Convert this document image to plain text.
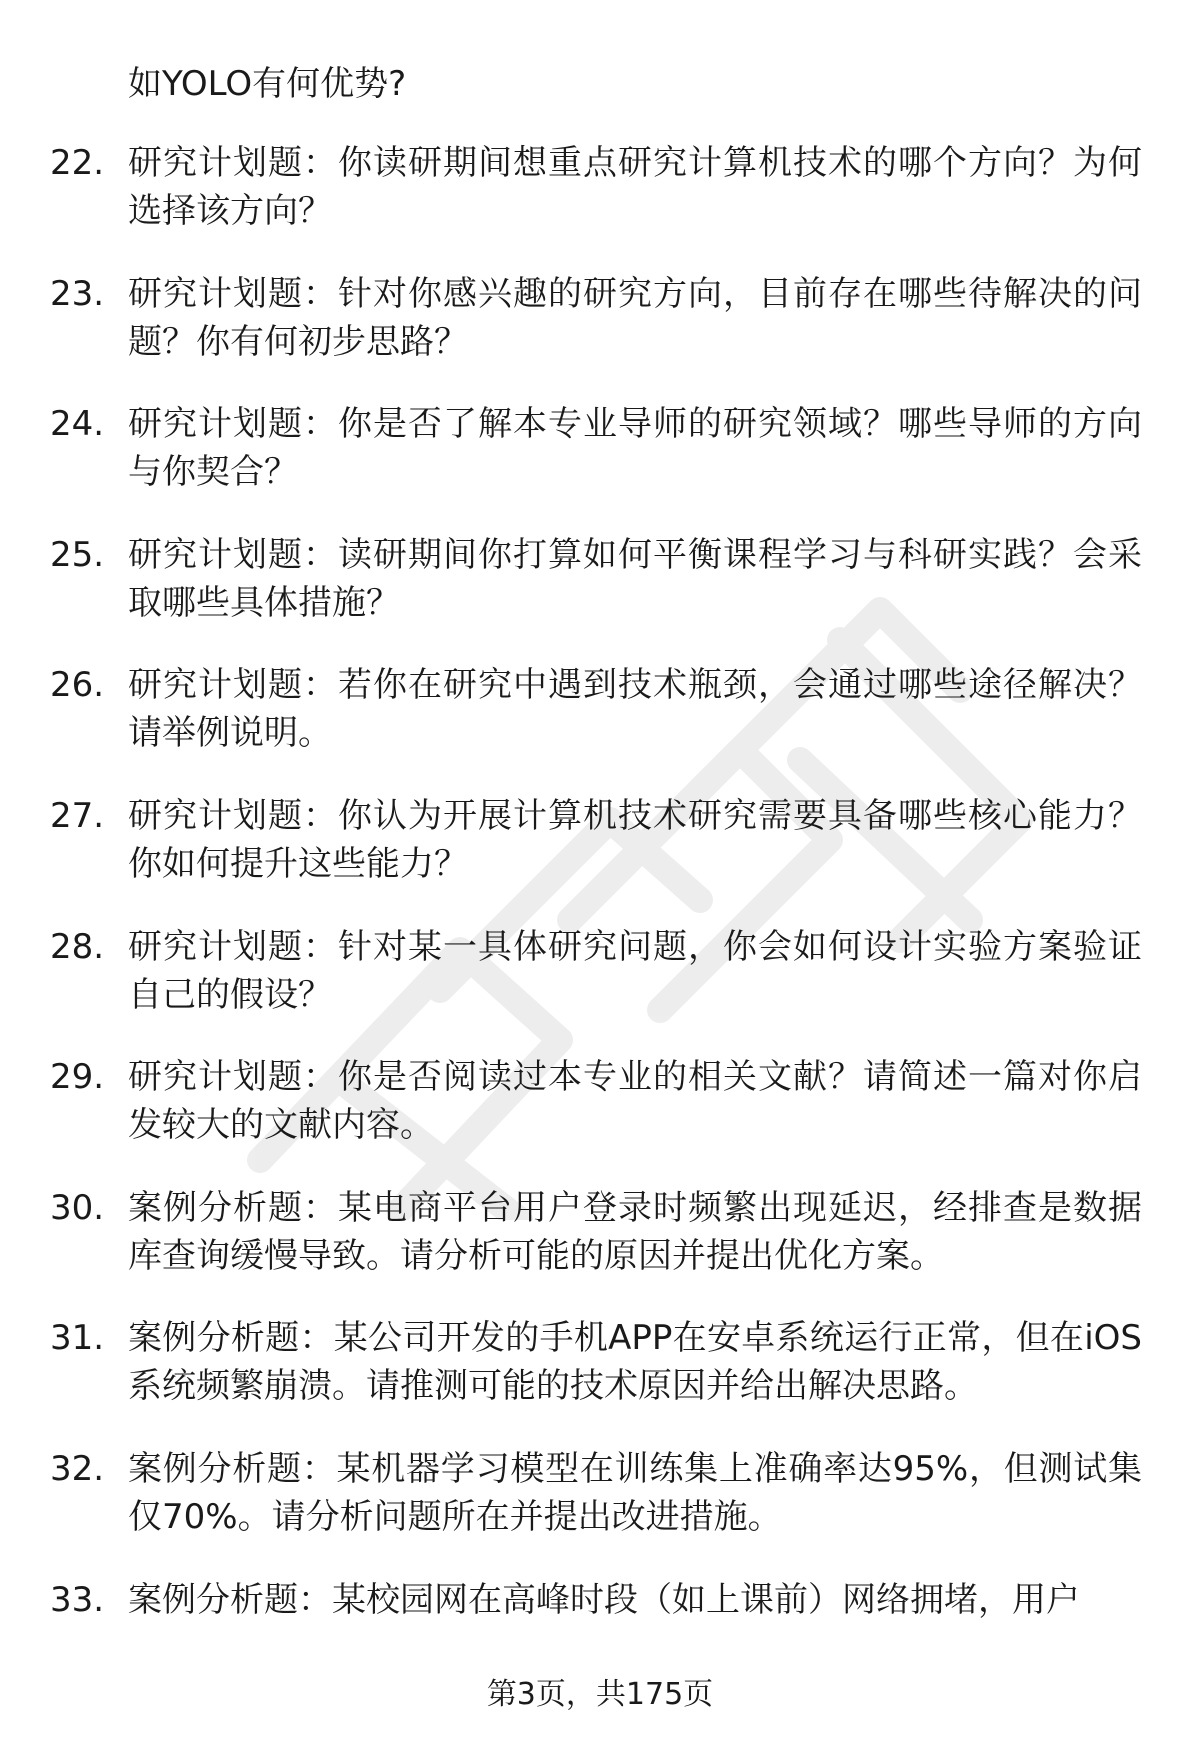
如YOLO有何优势?
22. 研究计划题：你读研期间想重点研究计算机技术的哪个方向？为何选择该方向？
23. 研究计划题：针对你感兴趣的研究方向，目前存在哪些待解决的问题？你有何初步思路？
24. 研究计划题：你是否了解本专业导师的研究领域？哪些导师的方向与你契合？
25. 研究计划题：读研期间你打算如何平衡课程学习与科研实践？会采取哪些具体措施？
26. 研究计划题：若你在研究中遇到技术瓶颈，会通过哪些途径解决？请举例说明。
27. 研究计划题：你认为开展计算机技术研究需要具备哪些核心能力？你如何提升这些能力？
28. 研究计划题：针对某一具体研究问题，你会如何设计实验方案验证自己的假设？
29. 研究计划题：你是否阅读过本专业的相关文献？请简述一篇对你启发较大的文献内容。
30. 案例分析题：某电商平台用户登录时频繁出现延迟，经排查是数据库查询缓慢导致。请分析可能的原因并提出优化方案。
31. 案例分析题：某公司开发的手机APP在安卓系统运行正常，但在iOS系统频繁崩溃。请推测可能的技术原因并给出解决思路。
32. 案例分析题：某机器学习模型在训练集上准确率达95%，但测试集仅70%。请分析问题所在并提出改进措施。
33. 案例分析题：某校园网在高峰时段（如上课前）网络拥堵，用户
第3页，共175页
